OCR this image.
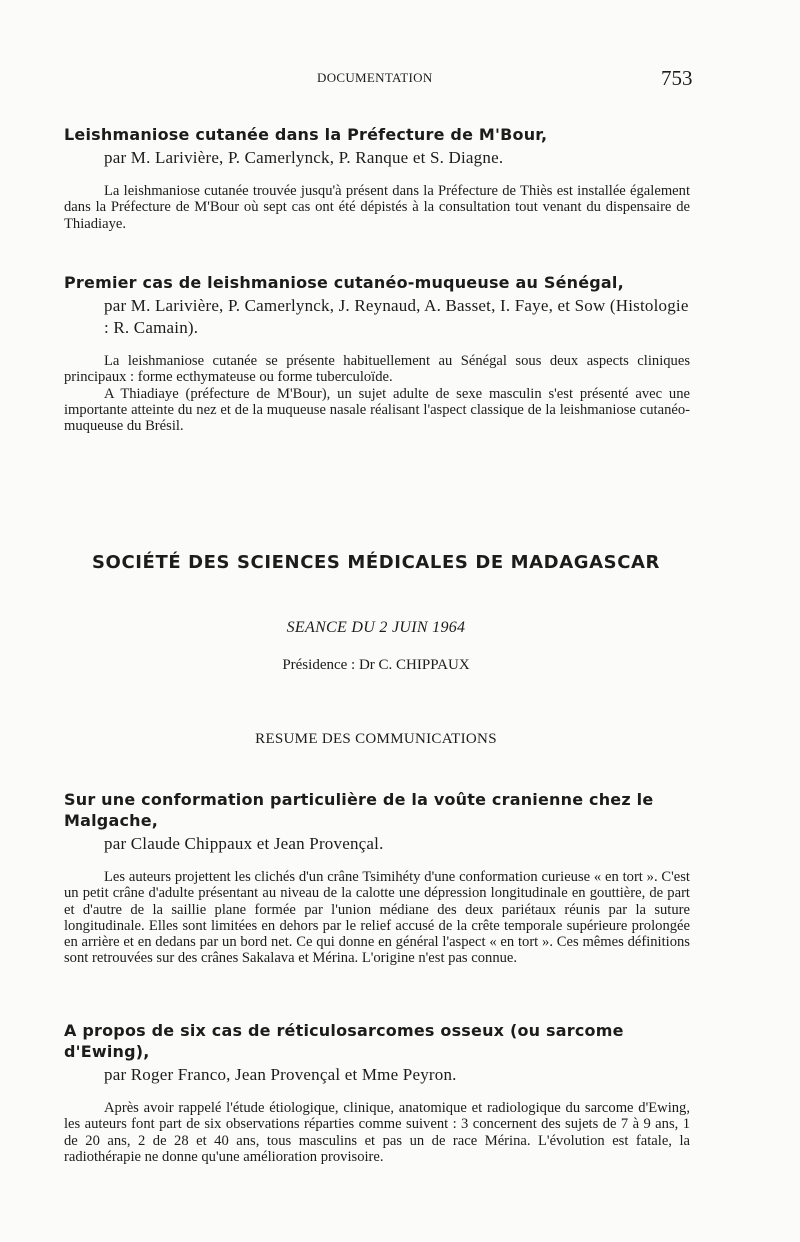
DOCUMENTATION	753
Leishmaniose cutanée dans la Préfecture de M'Bour,
par M. Larivière, P. Camerlynck, P. Ranque et S. Diagne.

La leishmaniose cutanée trouvée jusqu'à présent dans la Préfecture de Thiès est installée également dans la Préfecture de M'Bour où sept cas ont été dépistés à la consultation tout venant du dispensaire de Thiadiaye.

Premier cas de leishmaniose cutanéo-muqueuse au Sénégal,
par M. Larivière, P. Camerlynck, J. Reynaud, A. Basset, I. Faye, et Sow (Histologie : R. Camain).

La leishmaniose cutanée se présente habituellement au Sénégal sous deux aspects cliniques principaux : forme ecthymateuse ou forme tuberculoïde.

A Thiadiaye (préfecture de M'Bour), un sujet adulte de sexe masculin s'est présenté avec une importante atteinte du nez et de la muqueuse nasale réalisant l'aspect classique de la leishmaniose cutanéo-muqueuse du Brésil.

SOCIÉTÉ DES SCIENCES MÉDICALES DE MADAGASCAR
SEANCE DU 2 JUIN 1964
Présidence : Dr C. CHIPPAUX
RESUME DES COMMUNICATIONS
Sur une conformation particulière de la voûte cranienne chez le Malgache,
par Claude Chippaux et Jean Provençal.

Les auteurs projettent les clichés d'un crâne Tsimihéty d'une conformation curieuse « en tort ». C'est un petit crâne d'adulte présentant au niveau de la calotte une dépression longitudinale en gouttière, de part et d'autre de la saillie plane formée par l'union médiane des deux pariétaux réunis par la suture longitudinale. Elles sont limitées en dehors par le relief accusé de la crête temporale supérieure prolongée en arrière et en dedans par un bord net. Ce qui donne en général l'aspect « en tort ». Ces mêmes définitions sont retrouvées sur des crânes Sakalava et Mérina. L'origine n'est pas connue.

A propos de six cas de réticulosarcomes osseux (ou sarcome d'Ewing),
par Roger Franco, Jean Provençal et Mme Peyron.

Après avoir rappelé l'étude étiologique, clinique, anatomique et radiologique du sarcome d'Ewing, les auteurs font part de six observations réparties comme suivent : 3 concernent des sujets de 7 à 9 ans, 1 de 20 ans, 2 de 28 et 40 ans, tous masculins et pas un de race Mérina. L'évolution est fatale, la radiothérapie ne donne qu'une amélioration provisoire.
